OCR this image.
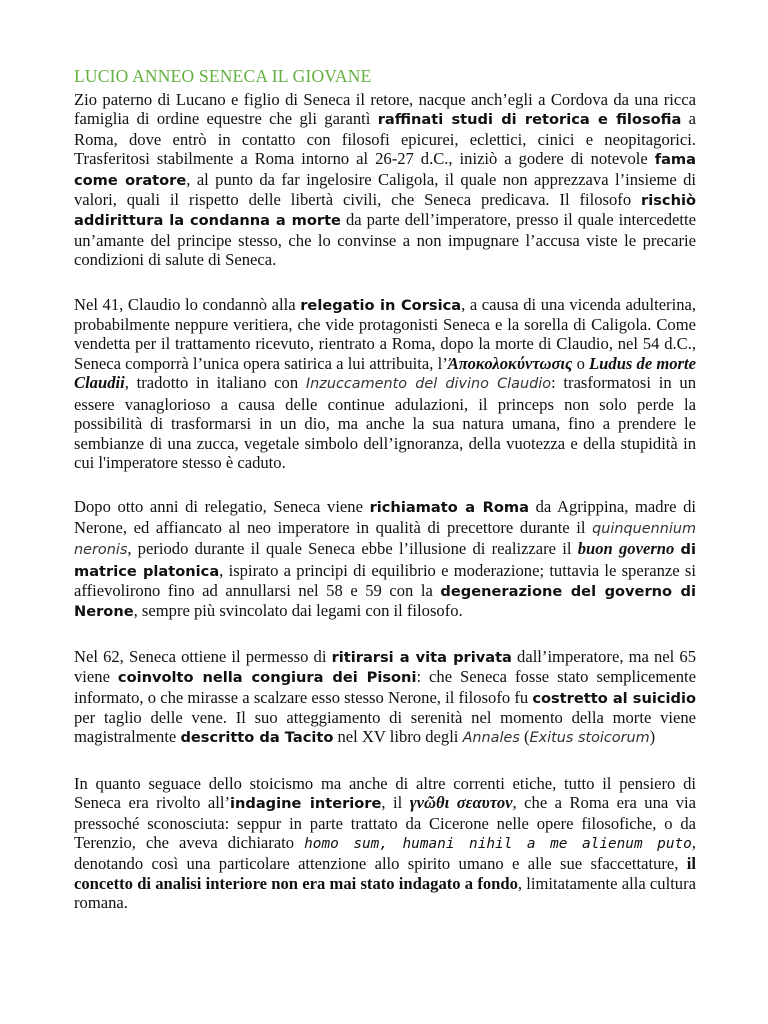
LUCIO ANNEO SENECA IL GIOVANE

Zio paterno di Lucano e figlio di Seneca il retore, nacque anch’egli a Cordova da una ricca famiglia di ordine equestre che gli garantì raffinati studi di retorica e filosofia a Roma, dove entrò in contatto con filosofi epicurei, eclettici, cinici e neopitagorici. Trasferitosi stabilmente a Roma intorno al 26-27 d.C., iniziò a godere di notevole fama come oratore, al punto da far ingelosire Caligola, il quale non apprezzava l’insieme di valori, quali il rispetto delle libertà civili, che Seneca predicava. Il filosofo rischiò addirittura la condanna a morte da parte dell’imperatore, presso il quale intercedette un’amante del principe stesso, che lo convinse a non impugnare l’accusa viste le precarie condizioni di salute di Seneca.

Nel 41, Claudio lo condannò alla relegatio in Corsica, a causa di una vicenda adulterina, probabilmente neppure veritiera, che vide protagonisti Seneca e la sorella di Caligola. Come vendetta per il trattamento ricevuto, rientrato a Roma, dopo la morte di Claudio, nel 54 d.C., Seneca comporrà l’unica opera satirica a lui attribuita, l’Ἀποκολοκύντωσις o Ludus de morte Claudii, tradotto in italiano con Inzuccamento del divino Claudio: trasformatosi in un essere vanaglorioso a causa delle continue adulazioni, il princeps non solo perde la possibilità di trasformarsi in un dio, ma anche la sua natura umana, fino a prendere le sembianze di una zucca, vegetale simbolo dell’ignoranza, della vuotezza e della stupidità in cui l'imperatore stesso è caduto.

Dopo otto anni di relegatio, Seneca viene richiamato a Roma da Agrippina, madre di Nerone, ed affiancato al neo imperatore in qualità di precettore durante il quinquennium neronis, periodo durante il quale Seneca ebbe l’illusione di realizzare il buon governo di matrice platonica, ispirato a principi di equilibrio e moderazione; tuttavia le speranze si affievolirono fino ad annullarsi nel 58 e 59 con la degenerazione del governo di Nerone, sempre più svincolato dai legami con il filosofo.

Nel 62, Seneca ottiene il permesso di ritirarsi a vita privata dall’imperatore, ma nel 65 viene coinvolto nella congiura dei Pisoni: che Seneca fosse stato semplicemente informato, o che mirasse a scalzare esso stesso Nerone, il filosofo fu costretto al suicidio per taglio delle vene. Il suo atteggiamento di serenità nel momento della morte viene magistralmente descritto da Tacito nel XV libro degli Annales (Exitus stoicorum)

In quanto seguace dello stoicismo ma anche di altre correnti etiche, tutto il pensiero di Seneca era rivolto all’indagine interiore, il γνῶθι σεαυτον, che a Roma era una via pressoché sconosciuta: seppur in parte trattato da Cicerone nelle opere filosofiche, o da Terenzio, che aveva dichiarato homo sum, humani nihil a me alienum puto, denotando così una particolare attenzione allo spirito umano e alle sue sfaccettature, il concetto di analisi interiore non era mai stato indagato a fondo, limitatamente alla cultura romana.
